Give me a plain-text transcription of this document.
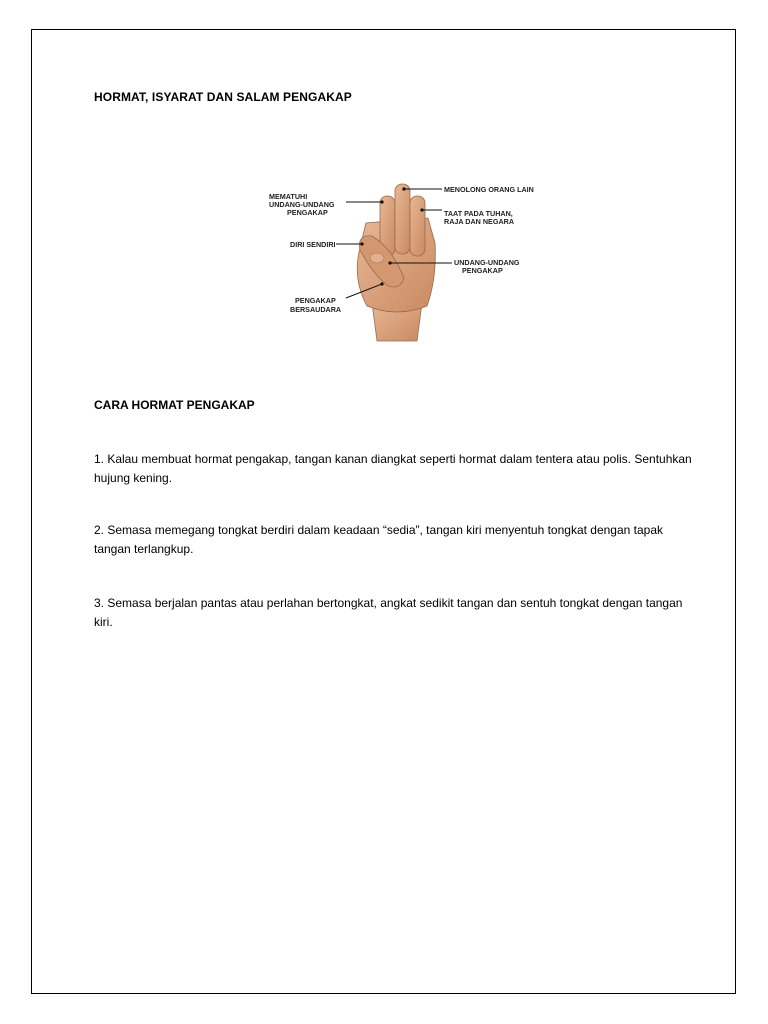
HORMAT, ISYARAT DAN SALAM PENGAKAP
MEMATUHI
UNDANG-UNDANG
PENGAKAP
DIRI SENDIRI
PENGAKAP
BERSAUDARA
MENOLONG ORANG LAIN
TAAT PADA TUHAN,
RAJA DAN NEGARA
UNDANG-UNDANG
PENGAKAP
CARA HORMAT PENGAKAP
1. Kalau membuat hormat pengakap, tangan kanan diangkat seperti hormat dalam tentera atau polis. Sentuhkan hujung kening.
2. Semasa memegang tongkat berdiri dalam keadaan “sedia”, tangan kiri menyentuh tongkat dengan tapak tangan terlangkup.
3. Semasa berjalan pantas atau perlahan bertongkat, angkat sedikit tangan dan sentuh tongkat dengan tangan kiri.
